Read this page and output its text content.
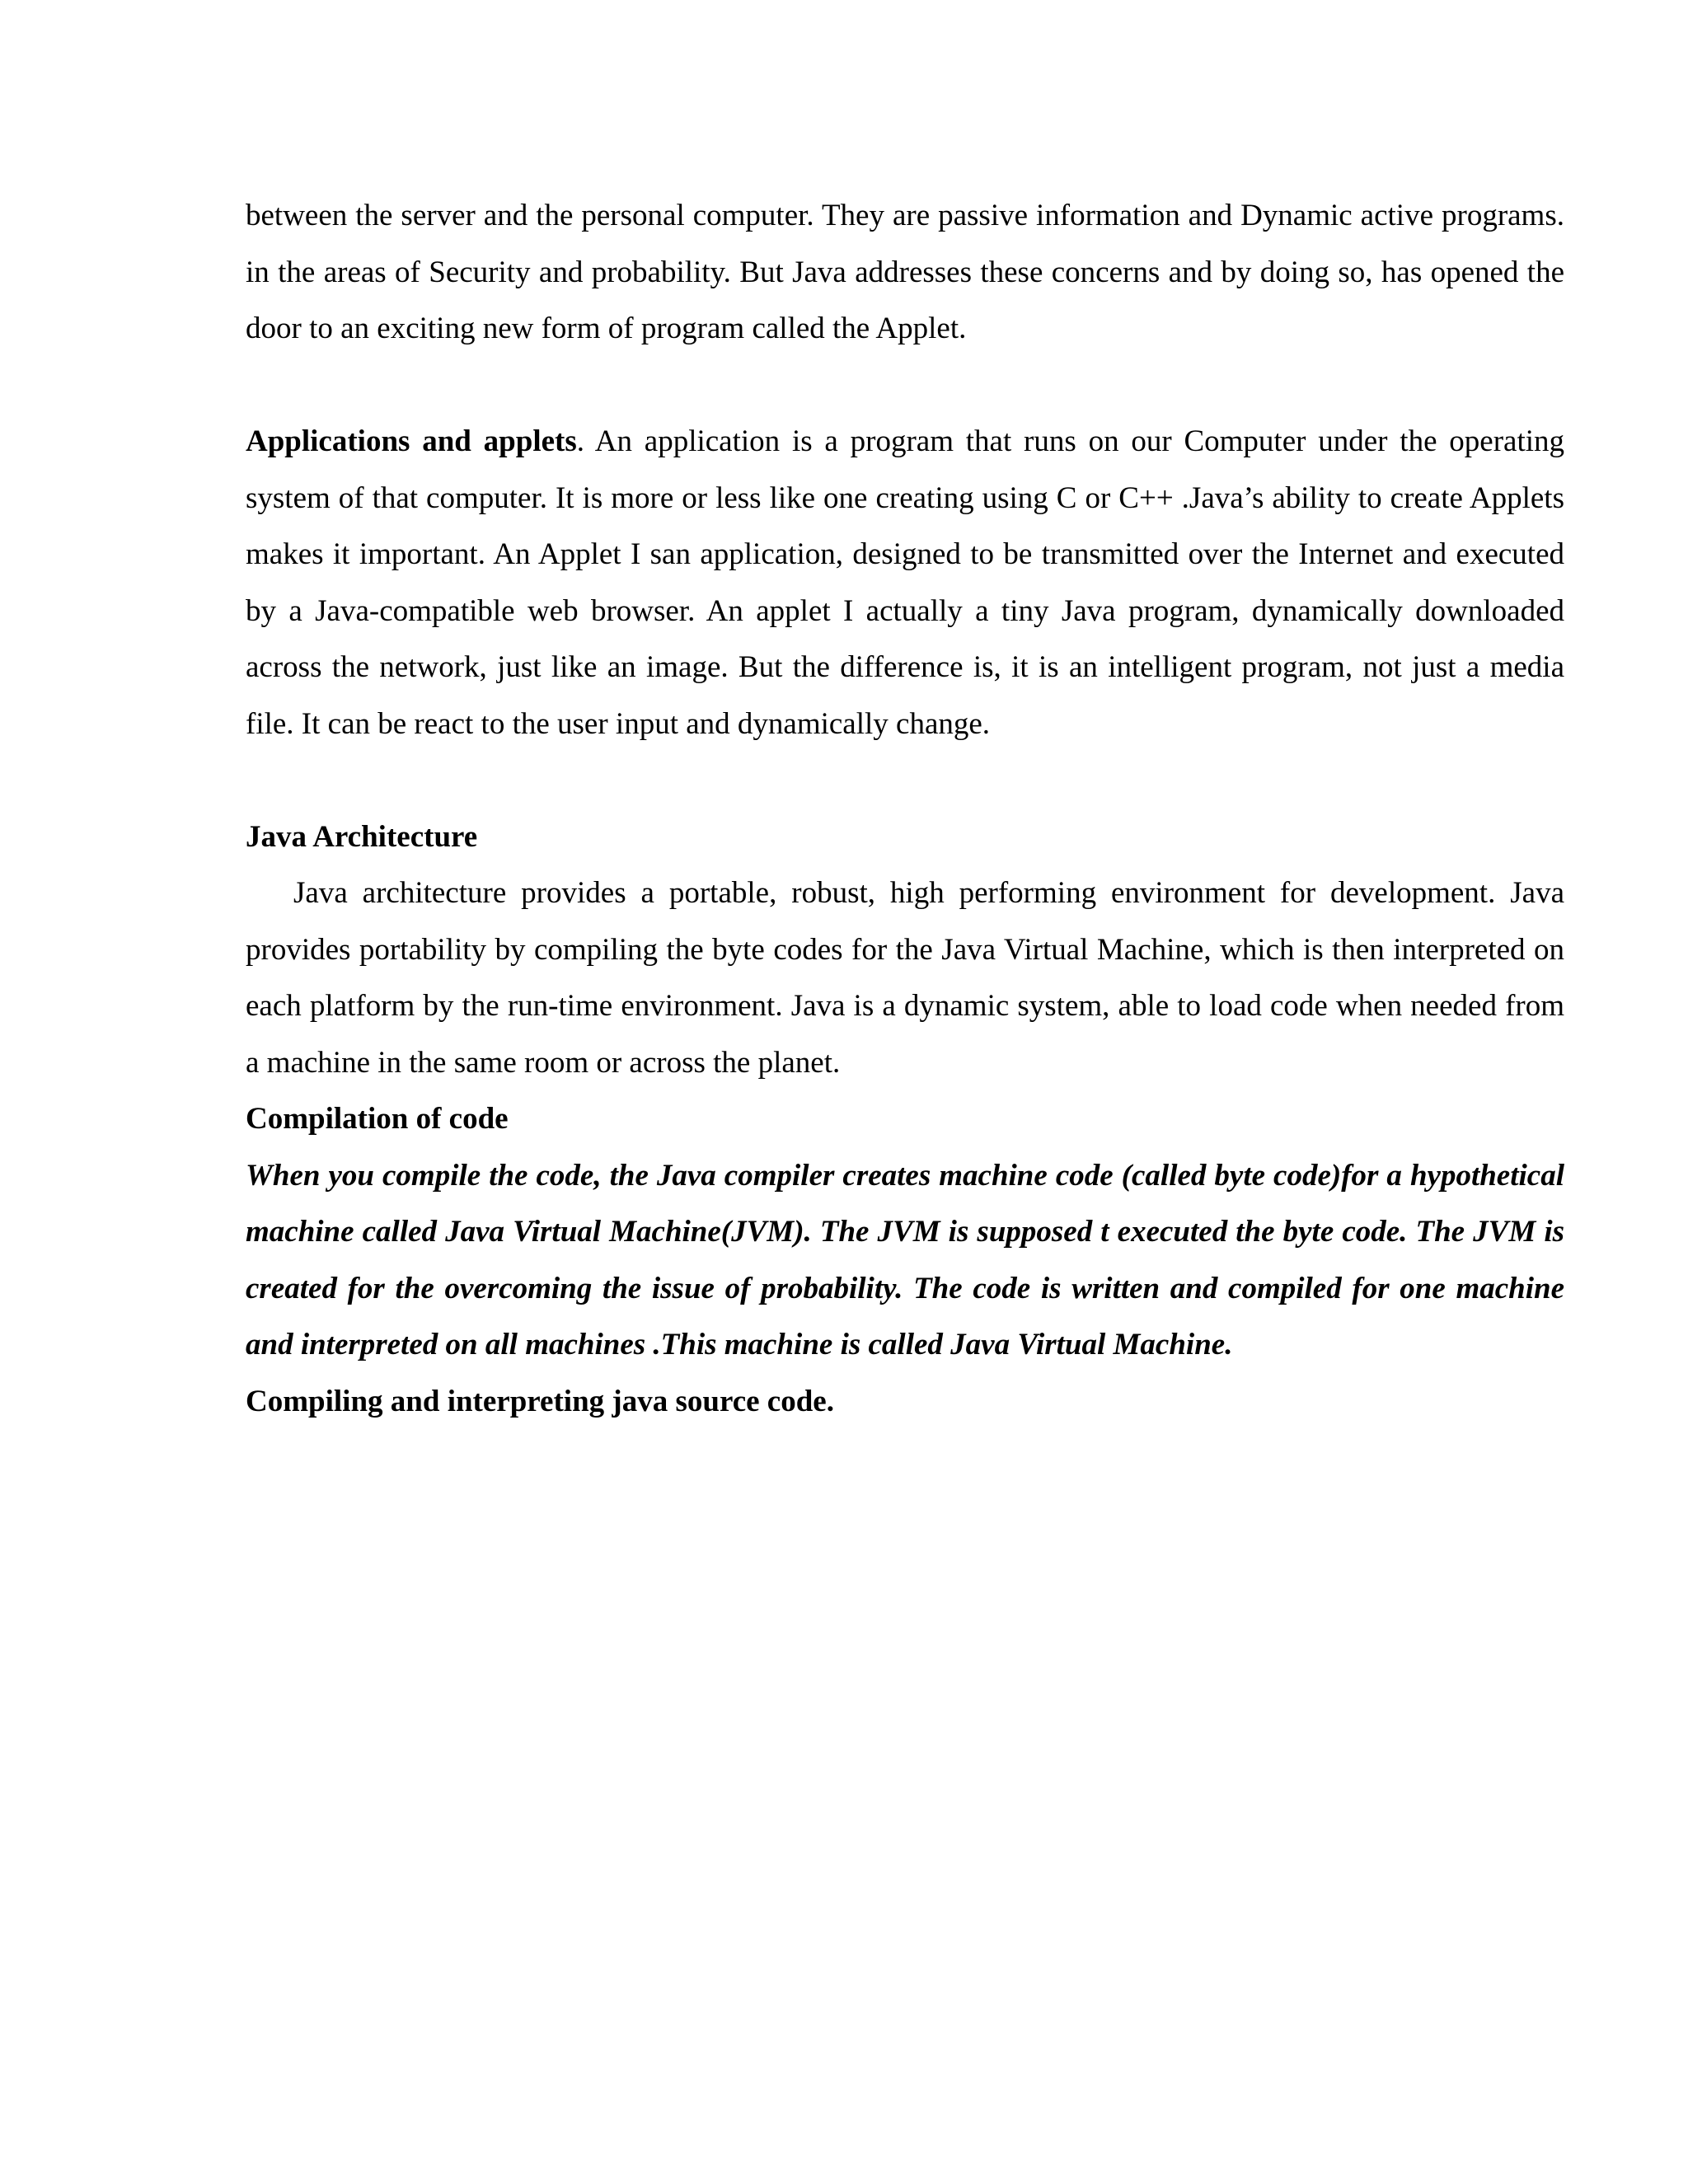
between the server and the personal computer. They are passive information and Dynamic active programs. in the areas of Security and probability. But Java addresses these concerns and by doing so, has opened the door to an exciting new form of program called the Applet.

Applications and applets. An application is a program that runs on our Computer under the operating system of that computer. It is more or less like one creating using C or C++ .Java’s ability to create Applets makes it important. An Applet I san application, designed to be transmitted over the Internet and executed by a Java-compatible web browser. An applet I actually a tiny Java program, dynamically downloaded across the network, just like an image. But the difference is, it is an intelligent program, not just a media file. It can be react to the user input and dynamically change.

Java Architecture

Java architecture provides a portable, robust, high performing environment for development. Java provides portability by compiling the byte codes for the Java Virtual Machine, which is then interpreted on each platform by the run-time environment. Java is a dynamic system, able to load code when needed from a machine in the same room or across the planet.

Compilation of code

When you compile the code, the Java compiler creates machine code (called byte code)for a hypothetical machine called Java Virtual Machine(JVM). The JVM is supposed t executed the byte code. The JVM is created for the overcoming the issue of probability. The code is written and compiled for one machine and interpreted on all machines .This machine is called Java Virtual Machine.

Compiling and interpreting java source code.
